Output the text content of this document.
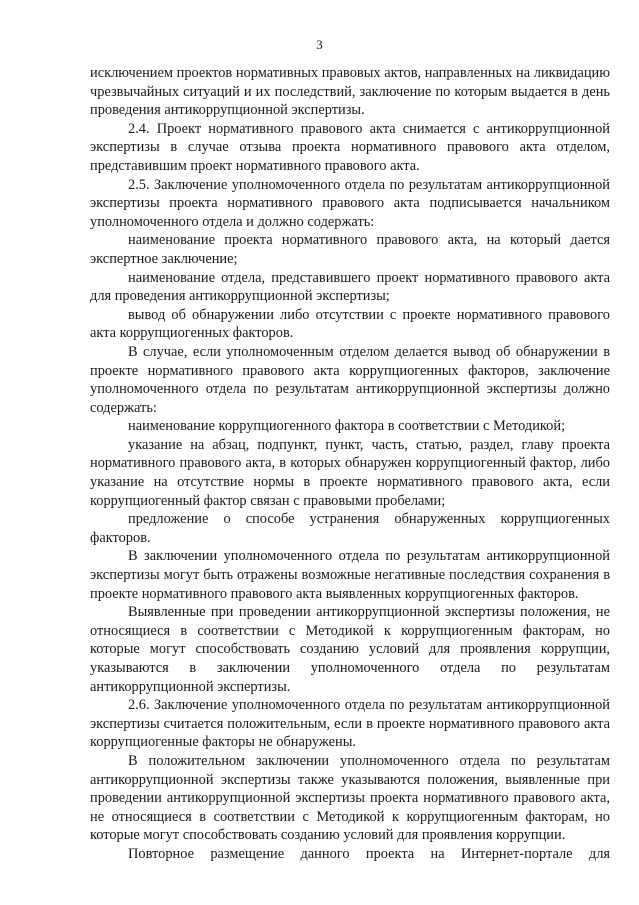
3

исключением проектов нормативных правовых актов, направленных на ликвидацию чрезвычайных ситуаций и их последствий, заключение по которым выдается в день проведения антикоррупционной экспертизы.

2.4. Проект нормативного правового акта снимается с антикоррупционной экспертизы в случае отзыва проекта нормативного правового акта отделом, представившим проект нормативного правового акта.

2.5. Заключение уполномоченного отдела по результатам антикоррупционной экспертизы проекта нормативного правового акта подписывается начальником уполномоченного отдела и должно содержать:

наименование проекта нормативного правового акта, на который дается экспертное заключение;

наименование отдела, представившего проект нормативного правового акта для проведения антикоррупционной экспертизы;

вывод об обнаружении либо отсутствии с проекте нормативного правового акта коррупциогенных факторов.

В случае, если уполномоченным отделом делается вывод об обнаружении в проекте нормативного правового акта коррупциогенных факторов, заключение уполномоченного отдела по результатам антикоррупционной экспертизы должно содержать:

наименование коррупциогенного фактора в соответствии с Методикой;

указание на абзац, подпункт, пункт, часть, статью, раздел, главу проекта нормативного правового акта, в которых обнаружен коррупциогенный фактор, либо указание на отсутствие нормы в проекте нормативного правового акта, если коррупциогенный фактор связан с правовыми пробелами;

предложение о способе устранения обнаруженных коррупциогенных факторов.

В заключении уполномоченного отдела по результатам антикоррупционной экспертизы могут быть отражены возможные негативные последствия сохранения в проекте нормативного правового акта выявленных коррупциогенных факторов.

Выявленные при проведении антикоррупционной экспертизы положения, не относящиеся в соответствии с Методикой к коррупциогенным факторам, но которые могут способствовать созданию условий для проявления коррупции, указываются в заключении уполномоченного отдела по результатам антикоррупционной экспертизы.

2.6. Заключение уполномоченного отдела по результатам антикоррупционной экспертизы считается положительным, если в проекте нормативного правового акта коррупциогенные факторы не обнаружены.

В положительном заключении уполномоченного отдела по результатам антикоррупционной экспертизы также указываются положения, выявленные при проведении антикоррупционной экспертизы проекта нормативного правового акта, не относящиеся в соответствии с Методикой к коррупциогенным факторам, но которые могут способствовать созданию условий для проявления коррупции.

Повторное размещение данного проекта на Интернет-портале для
